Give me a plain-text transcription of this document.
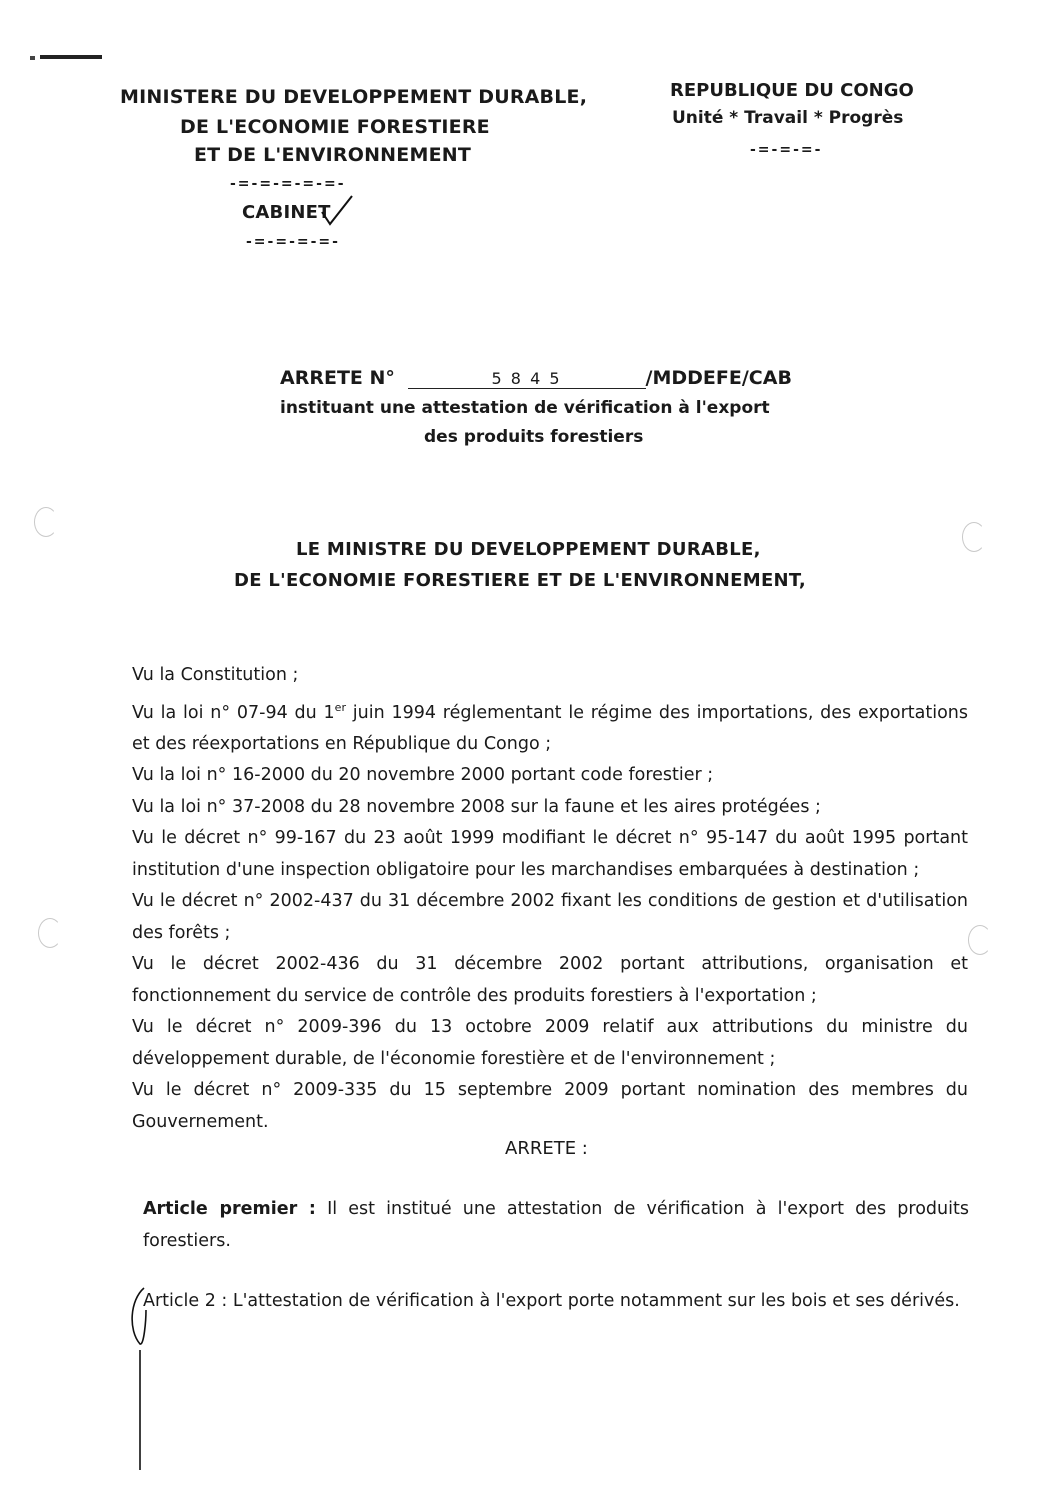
MINISTERE DU DEVELOPPEMENT DURABLE,
DE L'ECONOMIE FORESTIERE
ET DE L'ENVIRONNEMENT
-=-=-=-=-=-
CABINET
-=-=-=-=-
REPUBLIQUE DU CONGO
Unité * Travail * Progrès
-=-=-=-
ARRETE N°	5 8 4 5	/MDDEFE/CAB
instituant une attestation de vérification à l'export
des produits forestiers
LE MINISTRE DU DEVELOPPEMENT DURABLE,
DE L'ECONOMIE FORESTIERE ET DE L'ENVIRONNEMENT,

Vu la Constitution ;

Vu la loi n° 07-94 du 1er juin 1994 réglementant le régime des importations, des exportations et des réexportations en République du Congo ;

Vu la loi n° 16-2000 du 20 novembre 2000 portant code forestier ;

Vu la loi n° 37-2008 du 28 novembre 2008 sur la faune et les aires protégées ;

Vu le décret n° 99-167 du 23 août 1999 modifiant le décret n° 95-147 du août 1995 portant institution d'une inspection obligatoire pour les marchandises embarquées à destination ;

Vu le décret n° 2002-437 du 31 décembre 2002 fixant les conditions de gestion et d'utilisation des forêts ;

Vu le décret 2002-436 du 31 décembre 2002 portant attributions, organisation et fonctionnement du service de contrôle des produits forestiers à l'exportation ;

Vu le décret n° 2009-396 du 13 octobre 2009 relatif aux attributions du ministre du développement durable, de l'économie forestière et de l'environnement ;

Vu le décret n° 2009-335 du 15 septembre 2009 portant nomination des membres du Gouvernement.

ARRETE :
Article premier : Il est institué une attestation de vérification à l'export des produits forestiers.
Article 2 : L'attestation de vérification à l'export porte notamment sur les bois et ses dérivés.
